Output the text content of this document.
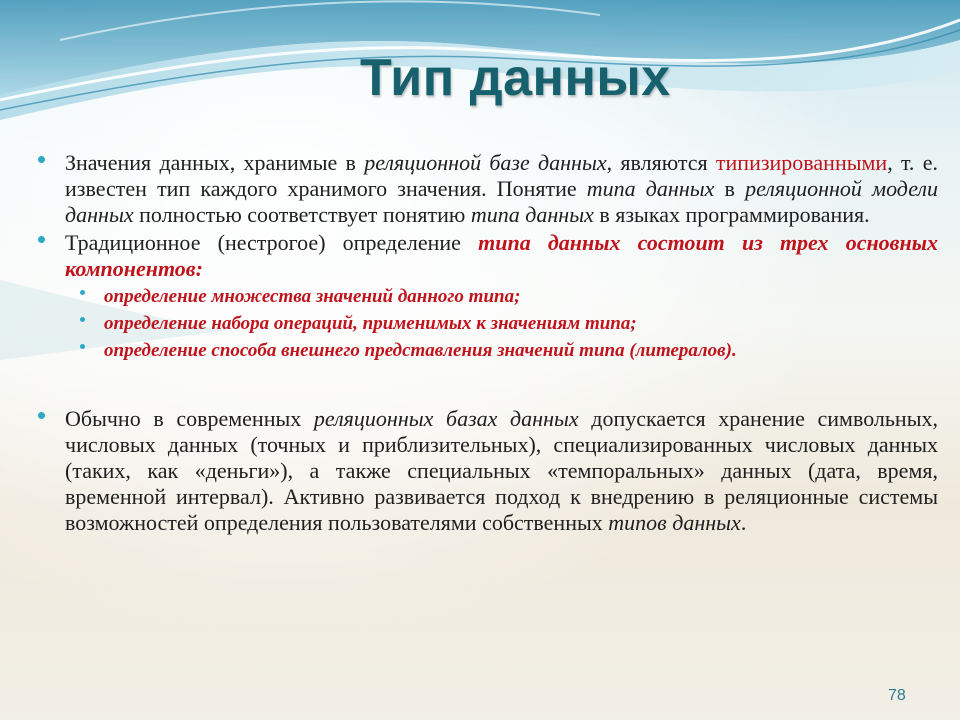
Тип данных
Значения данных, хранимые в реляционной базе данных, являются типизированными, т. е. известен тип каждого хранимого значения. Понятие типа данных в реляционной модели данных полностью соответствует понятию типа данных в языках программирования.
Традиционное (нестрогое) определение типа данных состоит из трех основных компонентов:
определение множества значений данного типа;
определение набора операций, применимых к значениям типа;
определение способа внешнего представления значений типа (литералов).
Обычно в современных реляционных базах данных допускается хранение символьных, числовых данных (точных и приблизительных), специализированных числовых данных (таких, как «деньги»), а также специальных «темпоральных» данных (дата, время, временной интервал). Активно развивается подход к внедрению в реляционные системы возможностей определения пользователями собственных типов данных.
78
